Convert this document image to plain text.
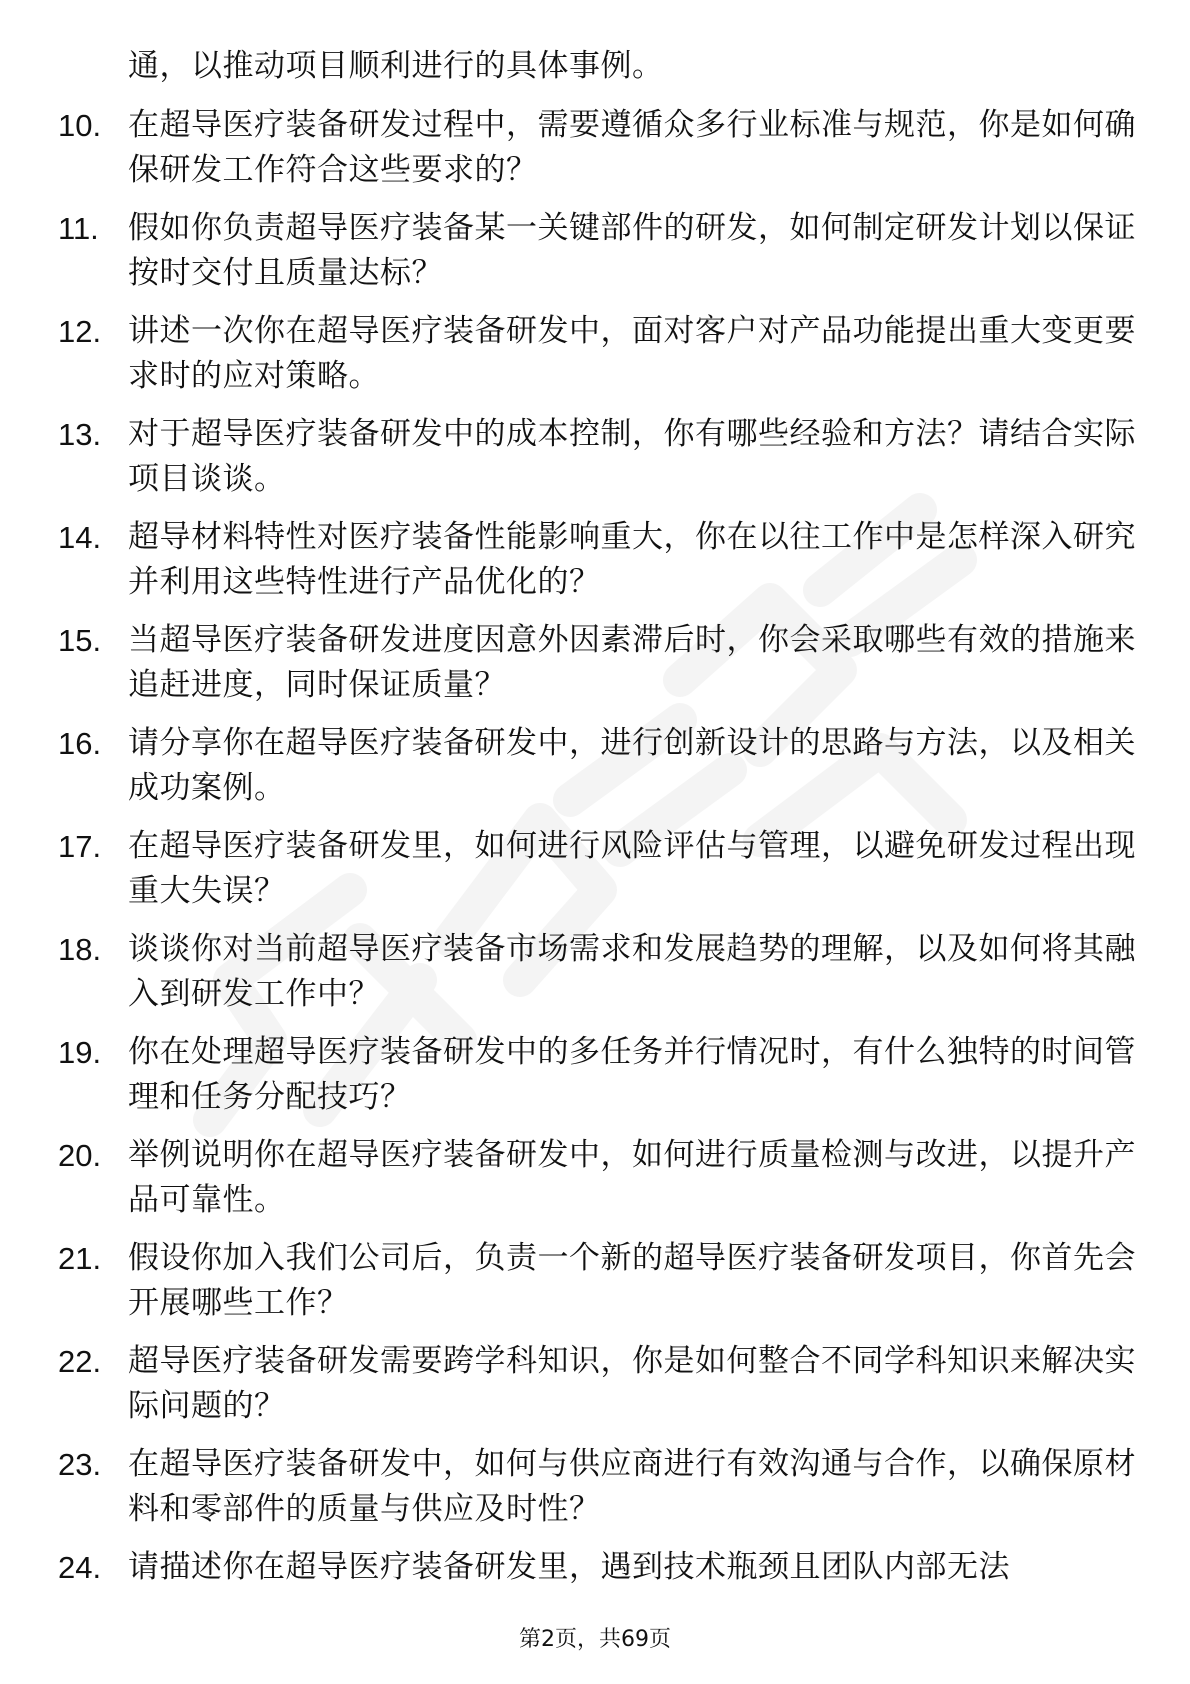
通，以推动项目顺利进行的具体事例。

10. 在超导医疗装备研发过程中，需要遵循众多行业标准与规范，你是如何确保研发工作符合这些要求的？
11. 假如你负责超导医疗装备某一关键部件的研发，如何制定研发计划以保证按时交付且质量达标？
12. 讲述一次你在超导医疗装备研发中，面对客户对产品功能提出重大变更要求时的应对策略。
13. 对于超导医疗装备研发中的成本控制，你有哪些经验和方法？请结合实际项目谈谈。
14. 超导材料特性对医疗装备性能影响重大，你在以往工作中是怎样深入研究并利用这些特性进行产品优化的？
15. 当超导医疗装备研发进度因意外因素滞后时，你会采取哪些有效的措施来追赶进度，同时保证质量？
16. 请分享你在超导医疗装备研发中，进行创新设计的思路与方法，以及相关成功案例。
17. 在超导医疗装备研发里，如何进行风险评估与管理，以避免研发过程出现重大失误？
18. 谈谈你对当前超导医疗装备市场需求和发展趋势的理解，以及如何将其融入到研发工作中？
19. 你在处理超导医疗装备研发中的多任务并行情况时，有什么独特的时间管理和任务分配技巧？
20. 举例说明你在超导医疗装备研发中，如何进行质量检测与改进，以提升产品可靠性。
21. 假设你加入我们公司后，负责一个新的超导医疗装备研发项目，你首先会开展哪些工作？
22. 超导医疗装备研发需要跨学科知识，你是如何整合不同学科知识来解决实际问题的？
23. 在超导医疗装备研发中，如何与供应商进行有效沟通与合作，以确保原材料和零部件的质量与供应及时性？
24. 请描述你在超导医疗装备研发里，遇到技术瓶颈且团队内部无法
第2页，共69页
